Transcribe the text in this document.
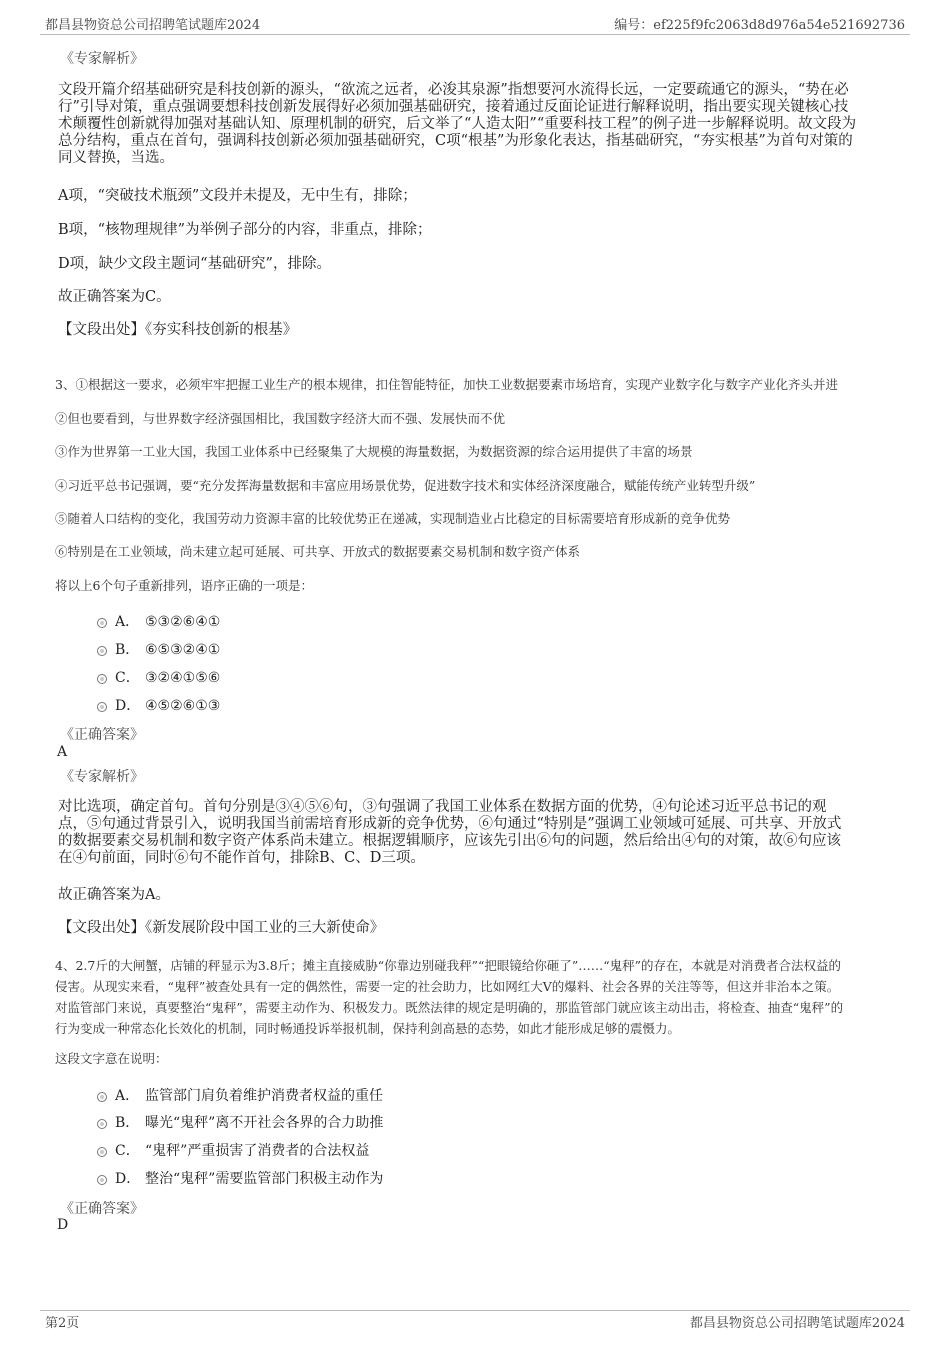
都昌县物资总公司招聘笔试题库2024	编号：ef225f9fc2063d8d976a54e521692736
《专家解析》
文段开篇介绍基础研究是科技创新的源头，“欲流之远者，必浚其泉源”指想要河水流得长远，一定要疏通它的源头，“势在必
行”引导对策，重点强调要想科技创新发展得好必须加强基础研究，接着通过反面论证进行解释说明，指出要实现关键核心技
术颠覆性创新就得加强对基础认知、原理机制的研究，后文举了“人造太阳”“重要科技工程”的例子进一步解释说明。故文段为
总分结构，重点在首句，强调科技创新必须加强基础研究，C项“根基”为形象化表达，指基础研究，“夯实根基”为首句对策的
同义替换，当选。
A项，“突破技术瓶颈”文段并未提及，无中生有，排除；
B项，“核物理规律”为举例子部分的内容，非重点，排除；
D项，缺少文段主题词“基础研究”，排除。
故正确答案为C。
【文段出处】《夯实科技创新的根基》
3、①根据这一要求，必须牢牢把握工业生产的根本规律，扣住智能特征，加快工业数据要素市场培育，实现产业数字化与数字产业化齐头并进
②但也要看到，与世界数字经济强国相比，我国数字经济大而不强、发展快而不优
③作为世界第一工业大国，我国工业体系中已经聚集了大规模的海量数据，为数据资源的综合运用提供了丰富的场景
④习近平总书记强调，要“充分发挥海量数据和丰富应用场景优势，促进数字技术和实体经济深度融合，赋能传统产业转型升级”
⑤随着人口结构的变化，我国劳动力资源丰富的比较优势正在递减，实现制造业占比稳定的目标需要培育形成新的竞争优势
⑥特别是在工业领域，尚未建立起可延展、可共享、开放式的数据要素交易机制和数字资产体系
将以上6个句子重新排列，语序正确的一项是：
A． ⑤③②⑥④①
B． ⑥⑤③②④①
C． ③②④①⑤⑥
D． ④⑤②⑥①③
《正确答案》
A
《专家解析》
对比选项，确定首句。首句分别是③④⑤⑥句，③句强调了我国工业体系在数据方面的优势，④句论述习近平总书记的观
点，⑤句通过背景引入，说明我国当前需培育形成新的竞争优势，⑥句通过“特别是”强调工业领域可延展、可共享、开放式
的数据要素交易机制和数字资产体系尚未建立。根据逻辑顺序，应该先引出⑥句的问题，然后给出④句的对策，故⑥句应该
在④句前面，同时⑥句不能作首句，排除B、C、D三项。
故正确答案为A。
【文段出处】《新发展阶段中国工业的三大新使命》
4、2.7斤的大闸蟹，店铺的秤显示为3.8斤；摊主直接威胁“你靠边别碰我秤”“把眼镜给你砸了”……“鬼秤”的存在，本就是对消费者合法权益的
侵害。从现实来看，“鬼秤”被查处具有一定的偶然性，需要一定的社会助力，比如网红大V的爆料、社会各界的关注等等，但这并非治本之策。
对监管部门来说，真要整治“鬼秤”，需要主动作为、积极发力。既然法律的规定是明确的，那监管部门就应该主动出击，将检查、抽查“鬼秤”的
行为变成一种常态化长效化的机制，同时畅通投诉举报机制，保持利剑高悬的态势，如此才能形成足够的震慑力。
这段文字意在说明：
A． 监管部门肩负着维护消费者权益的重任
B． 曝光“鬼秤”离不开社会各界的合力助推
C． “鬼秤”严重损害了消费者的合法权益
D． 整治“鬼秤”需要监管部门积极主动作为
《正确答案》
D
第2页	都昌县物资总公司招聘笔试题库2024
